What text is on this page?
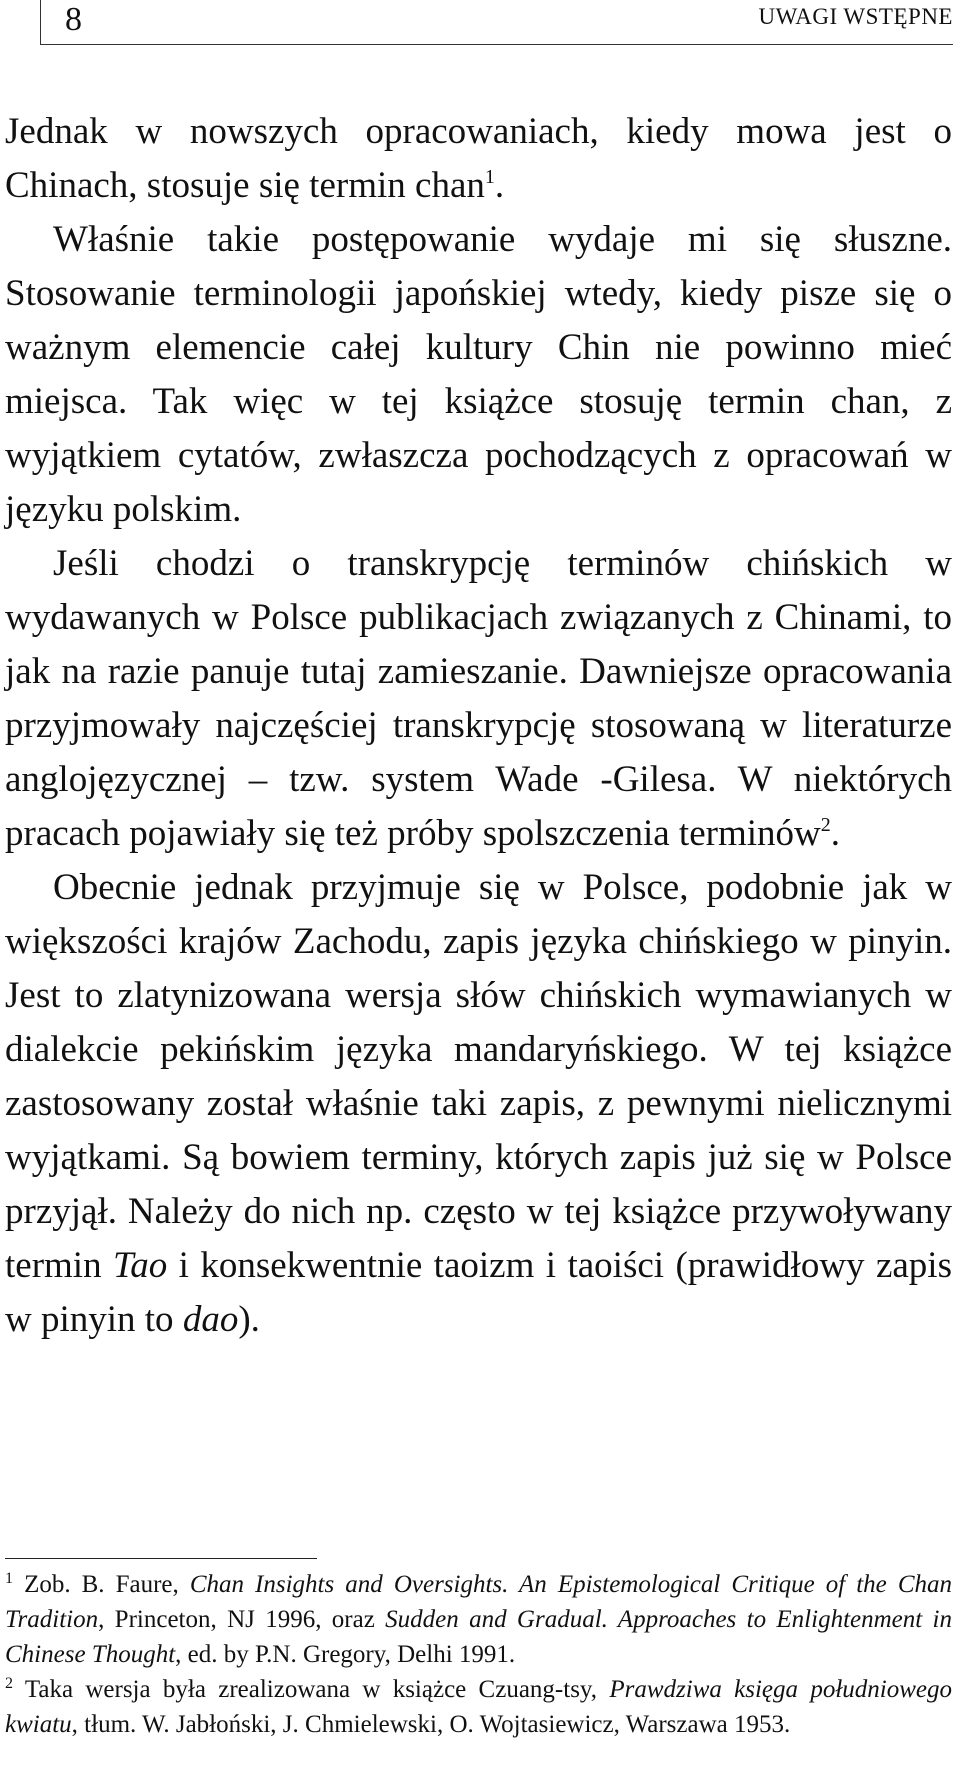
8	UWAGI WSTĘPNE

Jednak w nowszych opracowaniach, kiedy mowa jest o Chinach, stosuje się termin chan$^1$.

Właśnie takie postępowanie wydaje mi się słuszne. Stosowanie terminologii japońskiej wtedy, kiedy pisze się o ważnym elemencie całej kultury Chin nie powinno mieć miejsca. Tak więc w tej książce stosuję termin chan, z wyjątkiem cytatów, zwłaszcza pochodzących z opracowań w języku polskim.

Jeśli chodzi o transkrypcję terminów chińskich w wydawanych w Polsce publikacjach związanych z Chinami, to jak na razie panuje tutaj zamieszanie. Dawniejsze opracowania przyjmowały najczęściej transkrypcję stosowaną w literaturze anglojęzycznej – tzw. system Wade -Gilesa. W niektórych pracach pojawiały się też próby spolszczenia terminów$^2$.

Obecnie jednak przyjmuje się w Polsce, podobnie jak w większości krajów Zachodu, zapis języka chińskiego w pinyin. Jest to zlatynizowana wersja słów chińskich wymawianych w dialekcie pekińskim języka mandaryńskiego. W tej książce zastosowany został właśnie taki zapis, z pewnymi nielicznymi wyjątkami. Są bowiem terminy, których zapis już się w Polsce przyjął. Należy do nich np. często w tej książce przywoływany termin Tao i konsekwentnie taoizm i taoiści (prawidłowy zapis w pinyin to dao).

$^1$ Zob. B. Faure, Chan Insights and Oversights. An Epistemological Critique of the Chan Tradition, Princeton, NJ 1996, oraz Sudden and Gradual. Approaches to Enlightenment in Chinese Thought, ed. by P.N. Gregory, Delhi 1991.

$^2$ Taka wersja była zrealizowana w książce Czuang-tsy, Prawdziwa księga południowego kwiatu, tłum. W. Jabłoński, J. Chmielewski, O. Wojtasiewicz, Warszawa 1953.
